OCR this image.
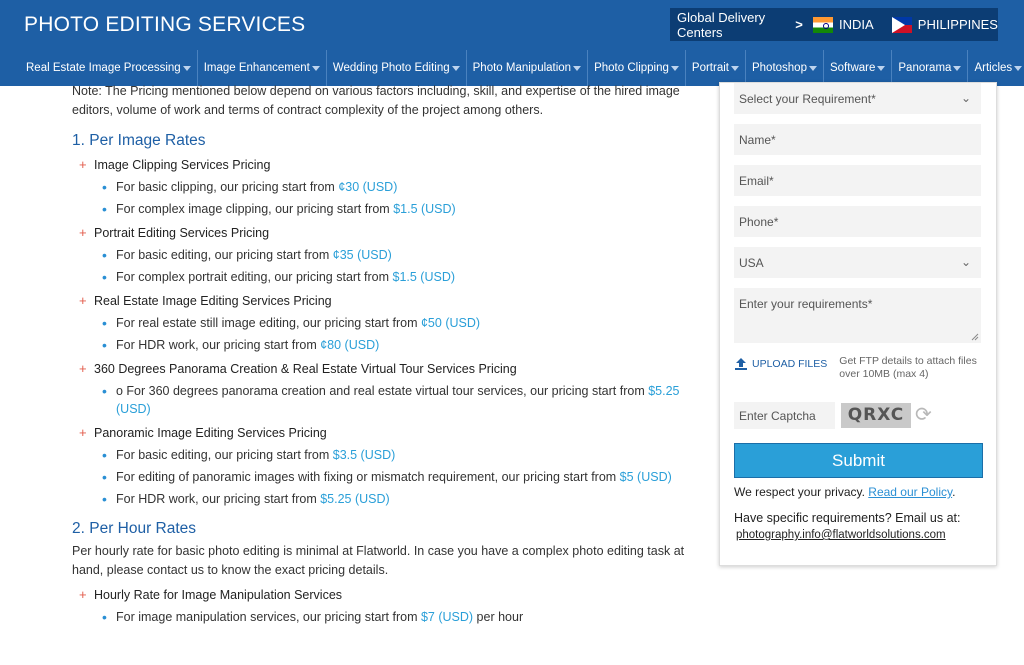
PHOTO EDITING SERVICES	Global Delivery Centers	>	INDIA	PHILIPPINES
Real Estate Image Processing Image Enhancement Wedding Photo Editing Photo Manipulation Photo Clipping Portrait Photoshop Software Panorama Articles

Note: The Pricing mentioned below depend on various factors including, skill, and expertise of the hired image editors, volume of work and terms of contract complexity of the project among others.

1. Per Image Rates
+ Image Clipping Services Pricing
• For basic clipping, our pricing start from ¢30 (USD)
• For complex image clipping, our pricing start from $1.5 (USD)
+ Portrait Editing Services Pricing
• For basic editing, our pricing start from ¢35 (USD)
• For complex portrait editing, our pricing start from $1.5 (USD)
+ Real Estate Image Editing Services Pricing
• For real estate still image editing, our pricing start from ¢50 (USD)
• For HDR work, our pricing start from ¢80 (USD)
+ 360 Degrees Panorama Creation & Real Estate Virtual Tour Services Pricing
• o For 360 degrees panorama creation and real estate virtual tour services, our pricing start from $5.25 (USD)
+ Panoramic Image Editing Services Pricing
• For basic editing, our pricing start from $3.5 (USD)
• For editing of panoramic images with fixing or mismatch requirement, our pricing start from $5 (USD)
• For HDR work, our pricing start from $5.25 (USD)
2. Per Hour Rates

Per hourly rate for basic photo editing is minimal at Flatworld. In case you have a complex photo editing task at hand, please contact us to know the exact pricing details.

+ Hourly Rate for Image Manipulation Services
• For image manipulation services, our pricing start from $7 (USD) per hour
Select your Requirement*	⌄
Name*
Email*
Phone*
USA	⌄
Enter your requirements*
UPLOAD FILES Get FTP details to attach files
over 10MB (max 4)
Enter Captcha	QRXC ⟳
Submit
We respect your privacy. Read our Policy.
Have specific requirements? Email us at:
photography.info@flatworldsolutions.com
